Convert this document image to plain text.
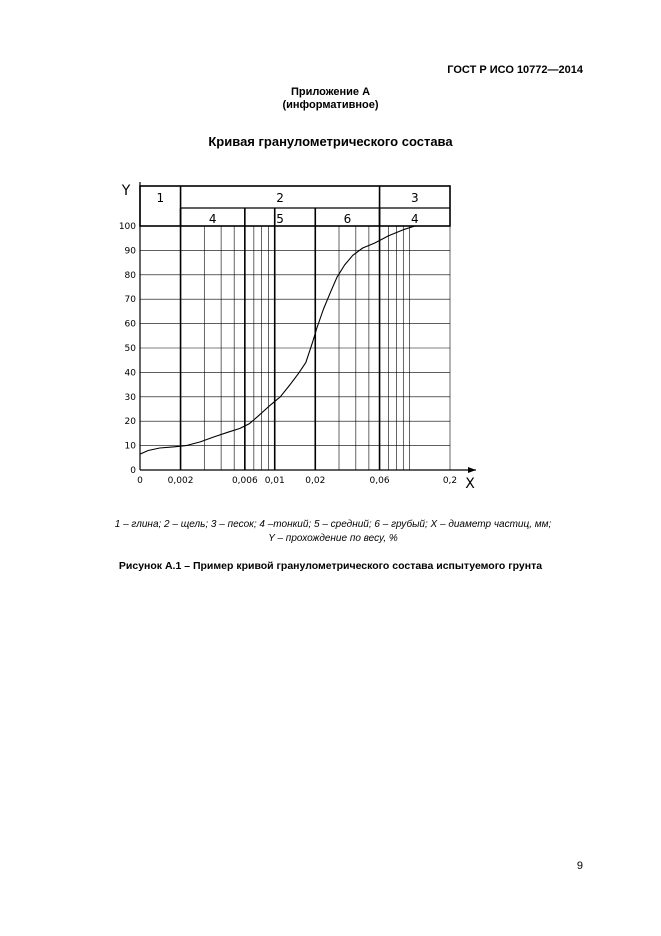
ГОСТ Р ИСО 10772—2014
Приложение А
(информативное)
Кривая гранулометрического состава
1	2	3
4	5	6	4
Y
X
0
10
20
30
40
50
60
70
80
90
100
0	0,002	0,006 0,01 0,02	0,06	0,2
1 – глина; 2 – щель; 3 – песок; 4 –тонкий; 5 – средний; 6 – грубый; X – диаметр частиц, мм;
Y – прохождение по весу, %
Рисунок А.1 – Пример кривой гранулометрического состава испытуемого грунта
9
